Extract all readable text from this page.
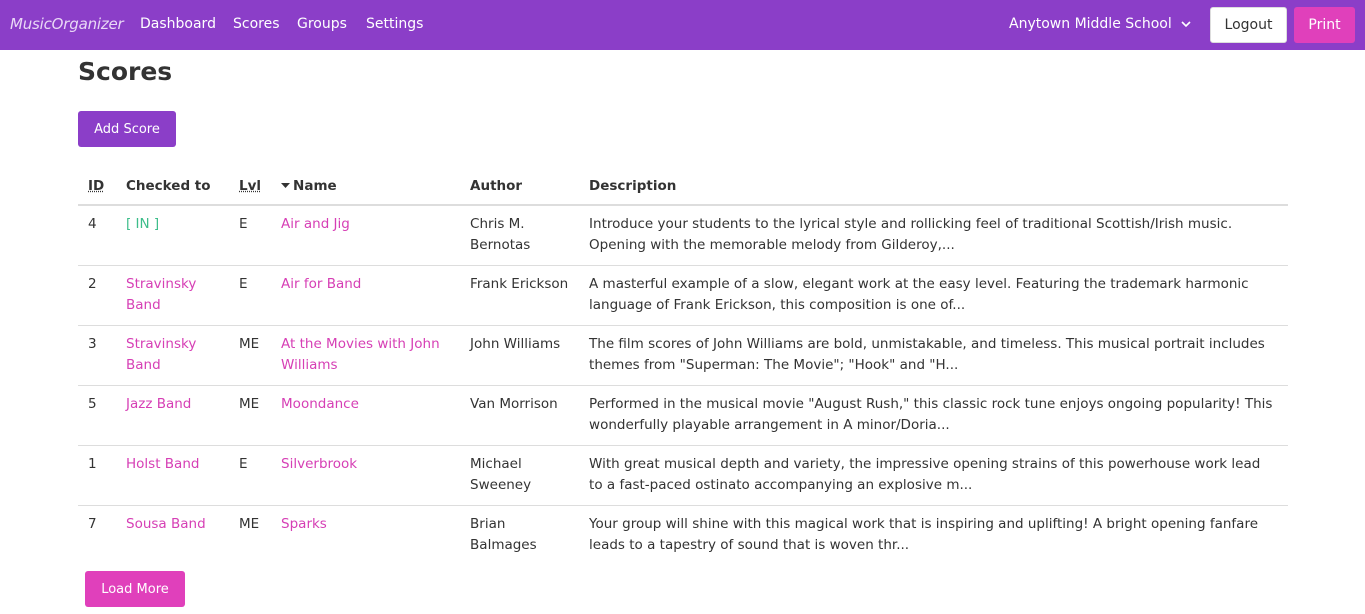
MusicOrganizer Dashboard Scores Groups Settings	Anytown Middle School	Logout	Print
Scores
Add Score
ID	Checked to	Lvl	Name	Author	Description
4	[ IN ]	E	Air and Jig	Chris M. Bernotas	Introduce your students to the lyrical style and rollicking feel of traditional Scottish/Irish music. Opening with the memorable melody from Gilderoy,...
2	Stravinsky Band	E	Air for Band	Frank Erickson	A masterful example of a slow, elegant work at the easy level. Featuring the trademark harmonic language of Frank Erickson, this composition is one of...
3	Stravinsky Band	ME	At the Movies with John Williams	John Williams	The film scores of John Williams are bold, unmistakable, and timeless. This musical portrait includes themes from "Superman: The Movie"; "Hook" and "H...
5	Jazz Band	ME	Moondance	Van Morrison	Performed in the musical movie "August Rush," this classic rock tune enjoys ongoing popularity! This wonderfully playable arrangement in A minor/Doria...
1	Holst Band	E	Silverbrook	Michael Sweeney	With great musical depth and variety, the impressive opening strains of this powerhouse work lead to a fast-paced ostinato accompanying an explosive m...
7	Sousa Band	ME	Sparks	Brian Balmages	Your group will shine with this magical work that is inspiring and uplifting! A bright opening fanfare leads to a tapestry of sound that is woven thr...
Load More
